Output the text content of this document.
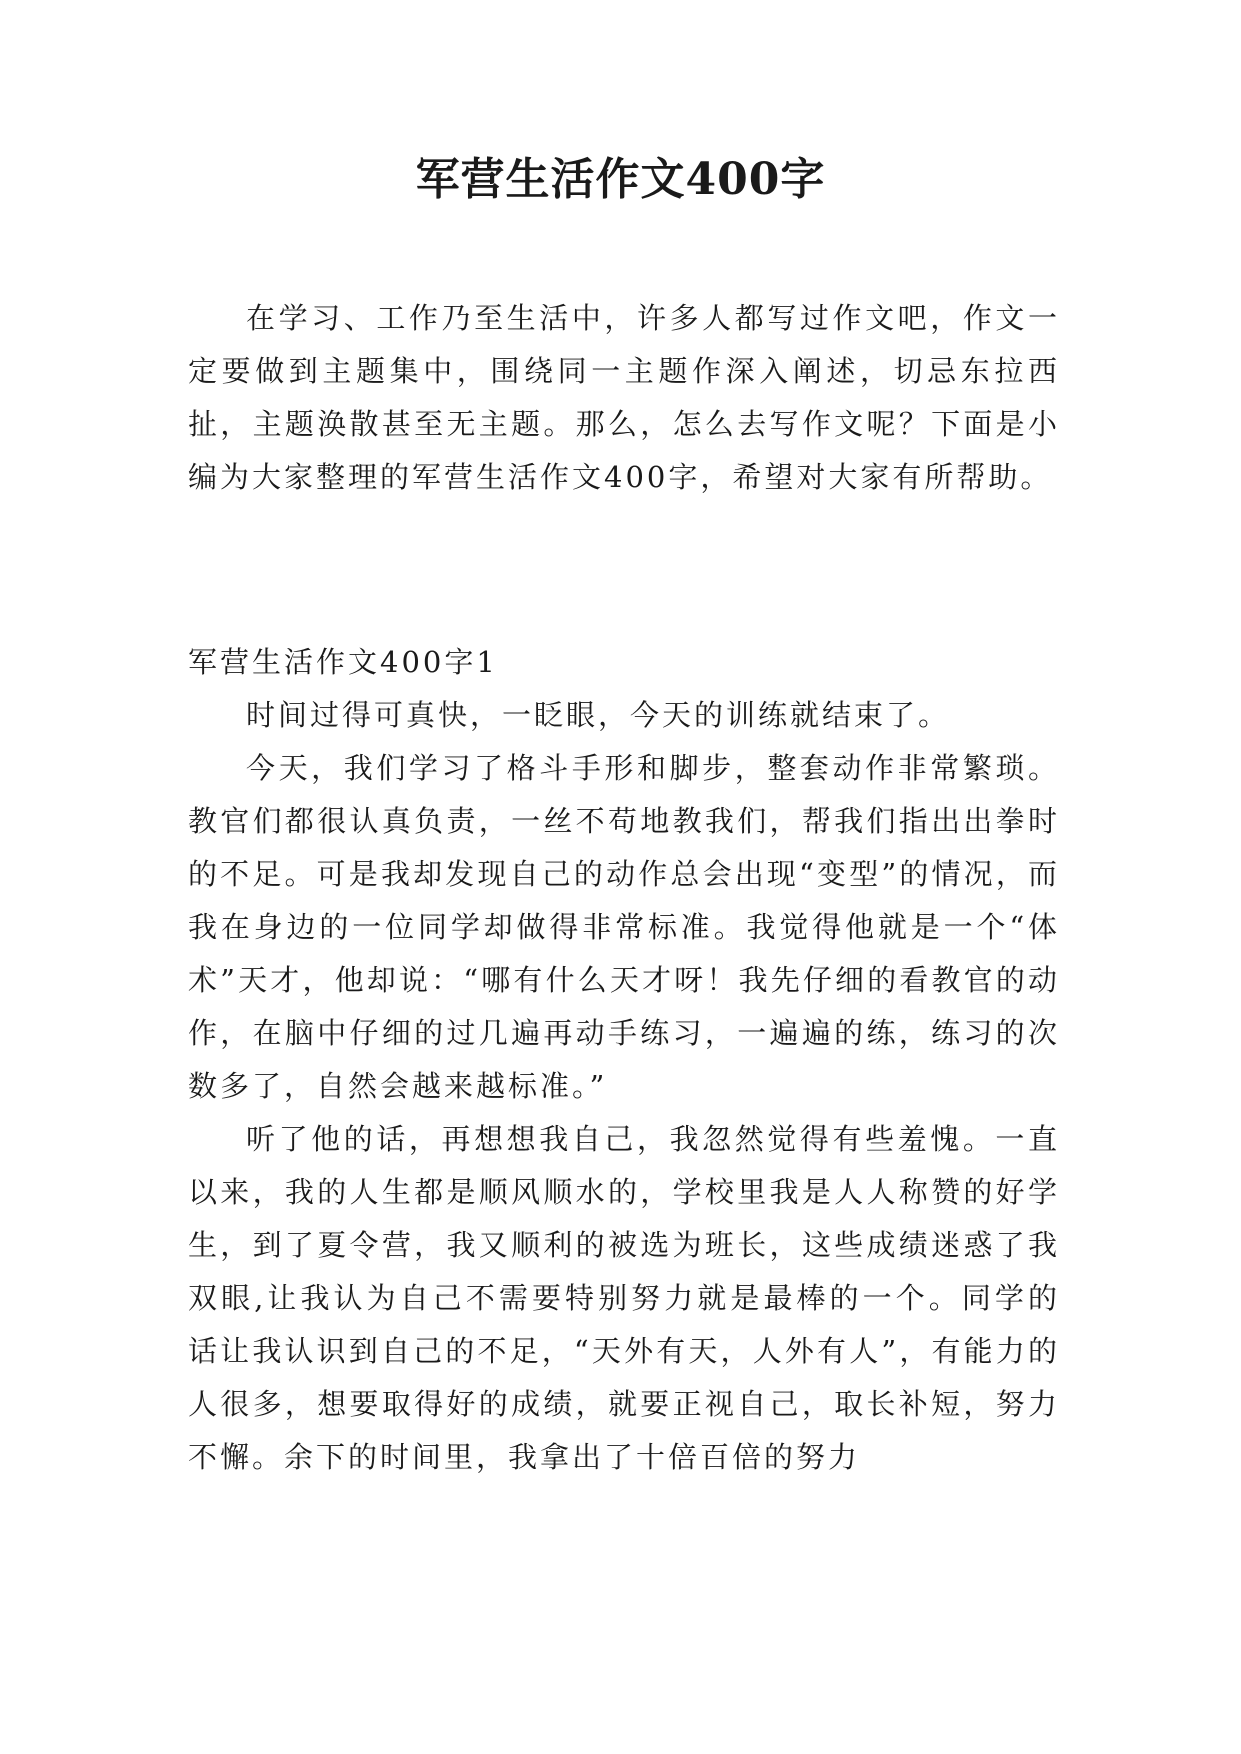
军营生活作文400字

在学习、工作乃至生活中，许多人都写过作文吧，作文一定要做到主题集中，围绕同一主题作深入阐述，切忌东拉西扯，主题涣散甚至无主题。那么，怎么去写作文呢？下面是小编为大家整理的军营生活作文400字，希望对大家有所帮助。

军营生活作文400字1

时间过得可真快，一眨眼，今天的训练就结束了。

今天，我们学习了格斗手形和脚步，整套动作非常繁琐。教官们都很认真负责，一丝不苟地教我们，帮我们指出出拳时的不足。可是我却发现自己的动作总会出现“变型”的情况，而我在身边的一位同学却做得非常标准。我觉得他就是一个“体术”天才，他却说：“哪有什么天才呀！我先仔细的看教官的动作，在脑中仔细的过几遍再动手练习，一遍遍的练，练习的次数多了，自然会越来越标准。”

听了他的话，再想想我自己，我忽然觉得有些羞愧。一直以来，我的人生都是顺风顺水的，学校里我是人人称赞的好学生，到了夏令营，我又顺利的被选为班长，这些成绩迷惑了我双眼,让我认为自己不需要特别努力就是最棒的一个。同学的话让我认识到自己的不足，“天外有天，人外有人”，有能力的人很多，想要取得好的成绩，就要正视自己，取长补短，努力不懈。余下的时间里，我拿出了十倍百倍的努力
